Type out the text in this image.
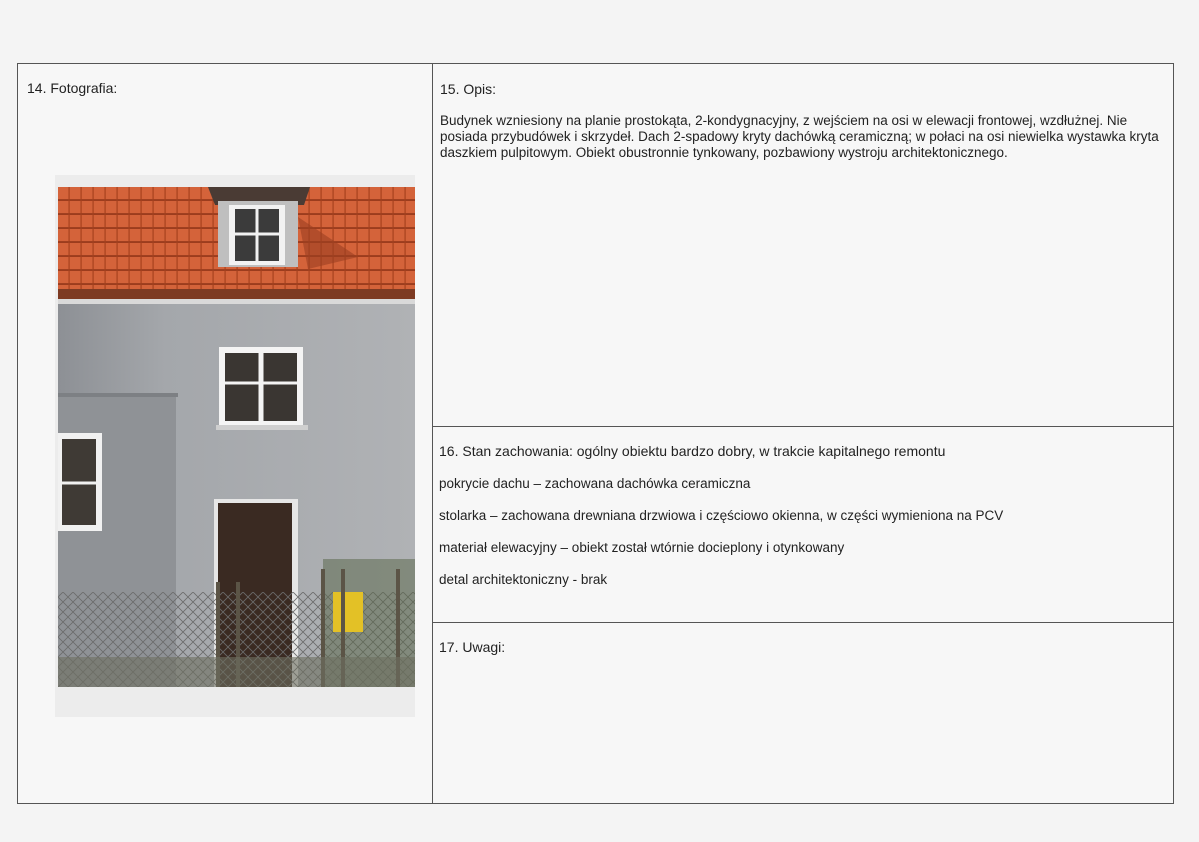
14. Fotografia:	15. Opis:

Budynek wzniesiony na planie prostokąta, 2-kondygnacyjny, z wejściem na osi w elewacji frontowej, wzdłużnej. Nie posiada przybudówek i skrzydeł. Dach 2-spadowy kryty dachówką ceramiczną; w połaci na osi niewielka wystawka kryta daszkiem pulpitowym. Obiekt obustronnie tynkowany, pozbawiony wystroju architektonicznego.

16. Stan zachowania: ogólny obiektu bardzo dobry, w trakcie kapitalnego remontu
pokrycie dachu – zachowana dachówka ceramiczna
stolarka – zachowana drewniana drzwiowa i częściowo okienna, w części wymieniona na PCV
materiał elewacyjny – obiekt został wtórnie docieplony i otynkowany
detal architektoniczny - brak
17. Uwagi:
